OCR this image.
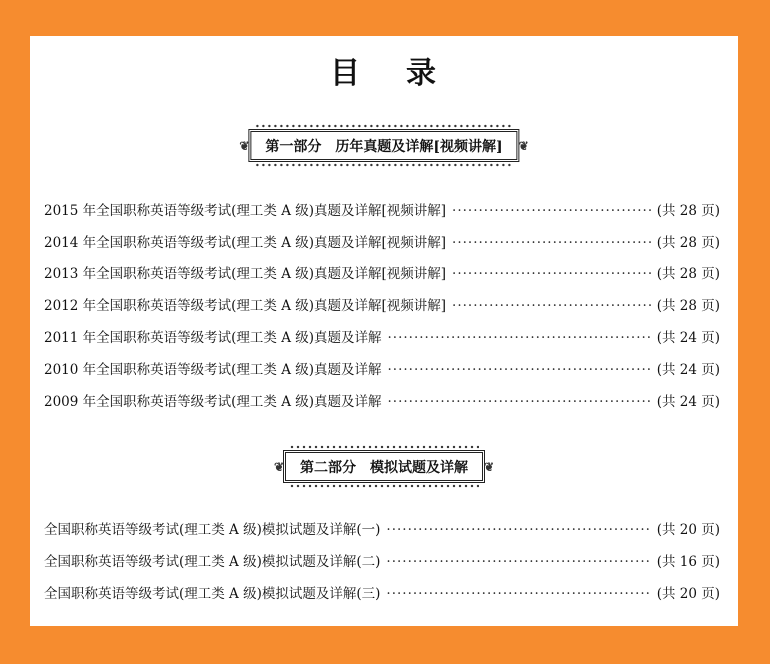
目 录
❦ 第一部分　历年真题及详解[视频讲解] ❦
2015 年全国职称英语等级考试(理工类 A 级)真题及详解[视频讲解] ·····	(共 28 页)
2014 年全国职称英语等级考试(理工类 A 级)真题及详解[视频讲解] ·····	(共 28 页)
2013 年全国职称英语等级考试(理工类 A 级)真题及详解[视频讲解] ·····	(共 28 页)
2012 年全国职称英语等级考试(理工类 A 级)真题及详解[视频讲解] ·····	(共 28 页)
2011 年全国职称英语等级考试(理工类 A 级)真题及详解 ·····	(共 24 页)
2010 年全国职称英语等级考试(理工类 A 级)真题及详解 ·····	(共 24 页)
2009 年全国职称英语等级考试(理工类 A 级)真题及详解 ·····	(共 24 页)
❦ 第二部分　模拟试题及详解 ❦
全国职称英语等级考试(理工类 A 级)模拟试题及详解(一) ·····	(共 20 页)
全国职称英语等级考试(理工类 A 级)模拟试题及详解(二) ·····	(共 16 页)
全国职称英语等级考试(理工类 A 级)模拟试题及详解(三) ·····	(共 20 页)
